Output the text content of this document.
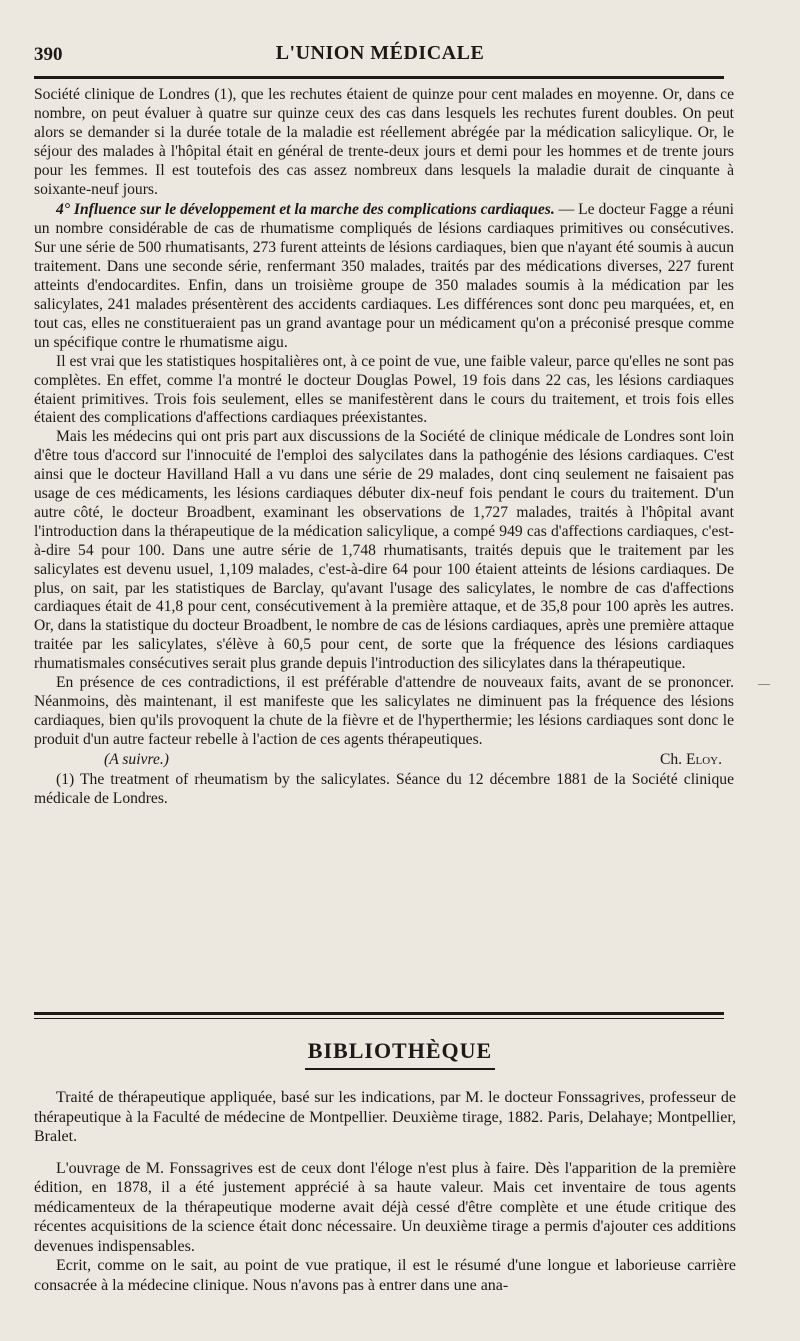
390	L'UNION MÉDICALE

Société clinique de Londres (1), que les rechutes étaient de quinze pour cent malades en moyenne. Or, dans ce nombre, on peut évaluer à quatre sur quinze ceux des cas dans lesquels les rechutes furent doubles. On peut alors se demander si la durée totale de la maladie est réellement abrégée par la médication salicylique. Or, le séjour des malades à l'hôpital était en général de trente-deux jours et demi pour les hommes et de trente jours pour les femmes. Il est toutefois des cas assez nombreux dans lesquels la maladie durait de cinquante à soixante-neuf jours.

4° Influence sur le développement et la marche des complications cardiaques. — Le docteur Fagge a réuni un nombre considérable de cas de rhumatisme compliqués de lésions cardiaques primitives ou consécutives. Sur une série de 500 rhumatisants, 273 furent atteints de lésions cardiaques, bien que n'ayant été soumis à aucun traitement. Dans une seconde série, renfermant 350 malades, traités par des médications diverses, 227 furent atteints d'endocardites. Enfin, dans un troisième groupe de 350 malades soumis à la médication par les salicylates, 241 malades présentèrent des accidents cardiaques. Les différences sont donc peu marquées, et, en tout cas, elles ne constitueraient pas un grand avantage pour un médicament qu'on a préconisé presque comme un spécifique contre le rhumatisme aigu.

Il est vrai que les statistiques hospitalières ont, à ce point de vue, une faible valeur, parce qu'elles ne sont pas complètes. En effet, comme l'a montré le docteur Douglas Powel, 19 fois dans 22 cas, les lésions cardiaques étaient primitives. Trois fois seulement, elles se manifestèrent dans le cours du traitement, et trois fois elles étaient des complications d'affections cardiaques préexistantes.

Mais les médecins qui ont pris part aux discussions de la Société de clinique médicale de Londres sont loin d'être tous d'accord sur l'innocuité de l'emploi des salycilates dans la pathogénie des lésions cardiaques. C'est ainsi que le docteur Havilland Hall a vu dans une série de 29 malades, dont cinq seulement ne faisaient pas usage de ces médicaments, les lésions cardiaques débuter dix-neuf fois pendant le cours du traitement. D'un autre côté, le docteur Broadbent, examinant les observations de 1,727 malades, traités à l'hôpital avant l'introduction dans la thérapeutique de la médication salicylique, a compé 949 cas d'affections cardiaques, c'est-à-dire 54 pour 100. Dans une autre série de 1,748 rhumatisants, traités depuis que le traitement par les salicylates est devenu usuel, 1,109 malades, c'est-à-dire 64 pour 100 étaient atteints de lésions cardiaques. De plus, on sait, par les statistiques de Barclay, qu'avant l'usage des salicylates, le nombre de cas d'affections cardiaques était de 41,8 pour cent, consécutivement à la première attaque, et de 35,8 pour 100 après les autres. Or, dans la statistique du docteur Broadbent, le nombre de cas de lésions cardiaques, après une première attaque traitée par les salicylates, s'élève à 60,5 pour cent, de sorte que la fréquence des lésions cardiaques rhumatismales consécutives serait plus grande depuis l'introduction des silicylates dans la thérapeutique.

En présence de ces contradictions, il est préférable d'attendre de nouveaux faits, avant de se prononcer. Néanmoins, dès maintenant, il est manifeste que les salicylates ne diminuent pas la fréquence des lésions cardiaques, bien qu'ils provoquent la chute de la fièvre et de l'hyperthermie; les lésions cardiaques sont donc le produit d'un autre facteur rebelle à l'action de ces agents thérapeutiques.

(A suivre.)	Ch. Eloy.

(1) The treatment of rheumatism by the salicylates. Séance du 12 décembre 1881 de la Société clinique médicale de Londres.

BIBLIOTHÈQUE

Traité de thérapeutique appliquée, basé sur les indications, par M. le docteur Fonssagrives, professeur de thérapeutique à la Faculté de médecine de Montpellier. Deuxième tirage, 1882. Paris, Delahaye; Montpellier, Bralet.

L'ouvrage de M. Fonssagrives est de ceux dont l'éloge n'est plus à faire. Dès l'apparition de la première édition, en 1878, il a été justement apprécié à sa haute valeur. Mais cet inventaire de tous agents médicamenteux de la thérapeutique moderne avait déjà cessé d'être complète et une étude critique des récentes acquisitions de la science était donc nécessaire. Un deuxième tirage a permis d'ajouter ces additions devenues indispensables.

Ecrit, comme on le sait, au point de vue pratique, il est le résumé d'une longue et laborieuse carrière consacrée à la médecine clinique. Nous n'avons pas à entrer dans une ana-

—
